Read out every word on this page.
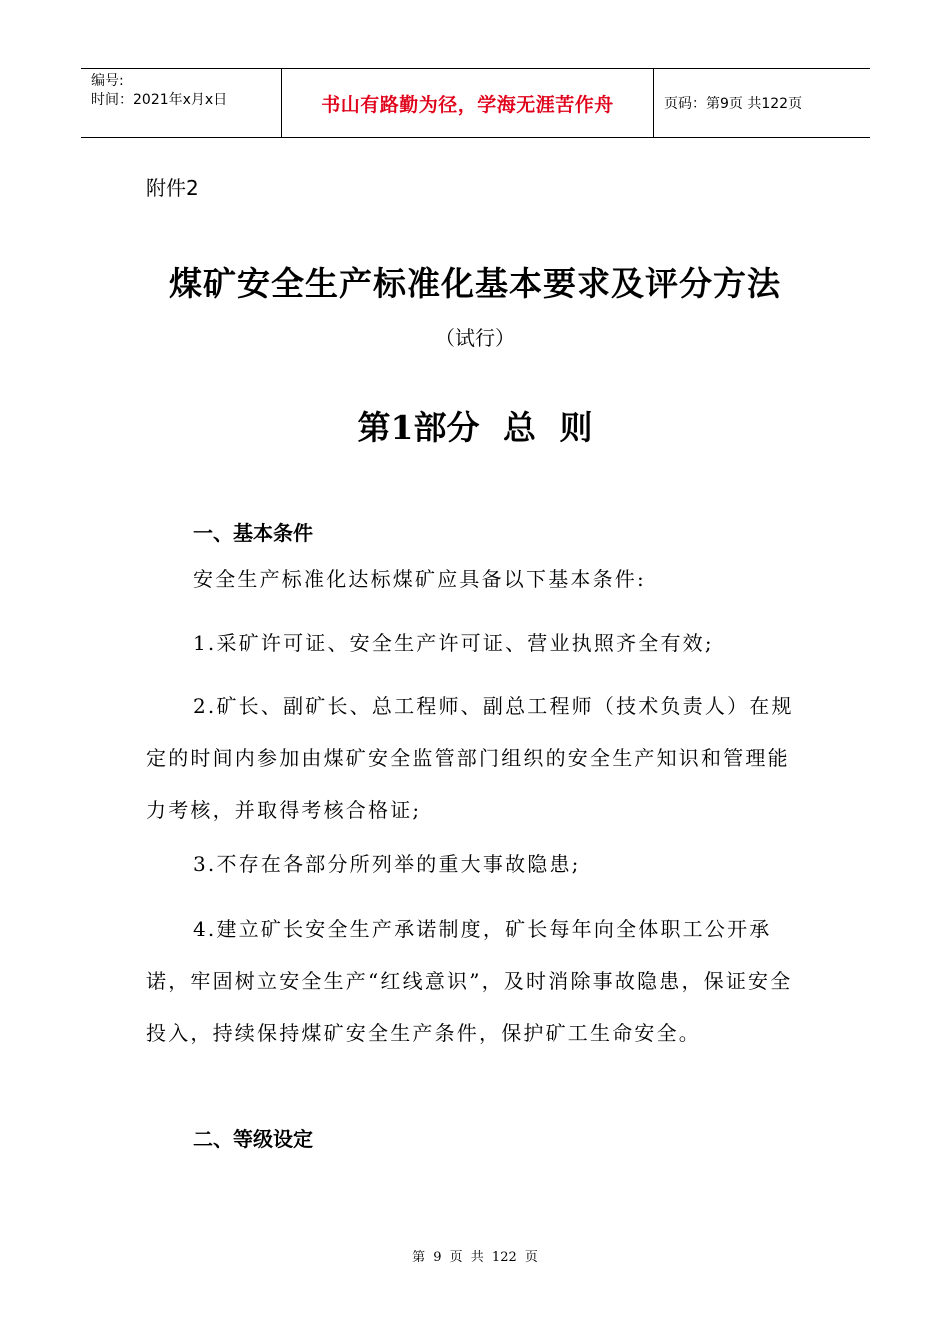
编号:
时间：2021年x月x日	书山有路勤为径，学海无涯苦作舟	页码：第9页 共122页
附件2
煤矿安全生产标准化基本要求及评分方法
（试行）
第1部分 总 则
一、基本条件

安全生产标准化达标煤矿应具备以下基本条件:

1.采矿许可证、安全生产许可证、营业执照齐全有效;

2.矿长、副矿长、总工程师、副总工程师（技术负责人）在规定的时间内参加由煤矿安全监管部门组织的安全生产知识和管理能力考核，并取得考核合格证;

3.不存在各部分所列举的重大事故隐患;

4.建立矿长安全生产承诺制度，矿长每年向全体职工公开承诺，牢固树立安全生产“红线意识”，及时消除事故隐患，保证安全投入，持续保持煤矿安全生产条件，保护矿工生命安全。

二、等级设定
第 9 页 共 122 页
